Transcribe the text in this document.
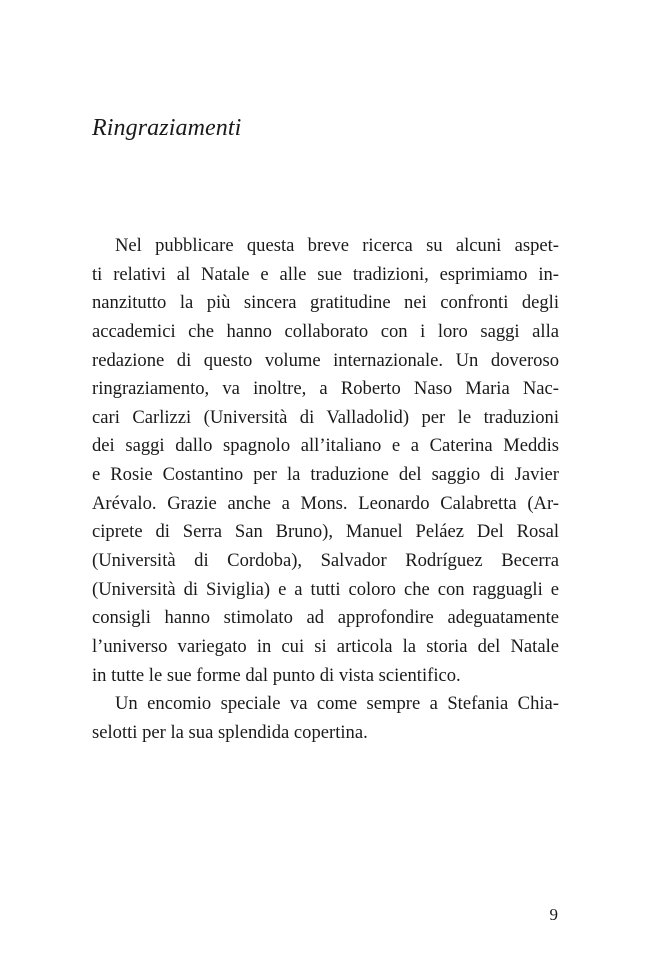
Ringraziamenti
Nel pubblicare questa breve ricerca su alcuni aspet-
ti relativi al Natale e alle sue tradizioni, esprimiamo in-
nanzitutto la più sincera gratitudine nei confronti degli
accademici che hanno collaborato con i loro saggi alla
redazione di questo volume internazionale. Un doveroso
ringraziamento, va inoltre, a Roberto Naso Maria Nac-
cari Carlizzi (Università di Valladolid) per le traduzioni
dei saggi dallo spagnolo all’italiano e a Caterina Meddis
e Rosie Costantino per la traduzione del saggio di Javier
Arévalo. Grazie anche a Mons. Leonardo Calabretta (Ar-
ciprete di Serra San Bruno), Manuel Peláez Del Rosal
(Università di Cordoba), Salvador Rodríguez Becerra
(Università di Siviglia) e a tutti coloro che con ragguagli e
consigli hanno stimolato ad approfondire adeguatamente
l’universo variegato in cui si articola la storia del Natale
in tutte le sue forme dal punto di vista scientifico.
Un encomio speciale va come sempre a Stefania Chia-
selotti per la sua splendida copertina.
9
